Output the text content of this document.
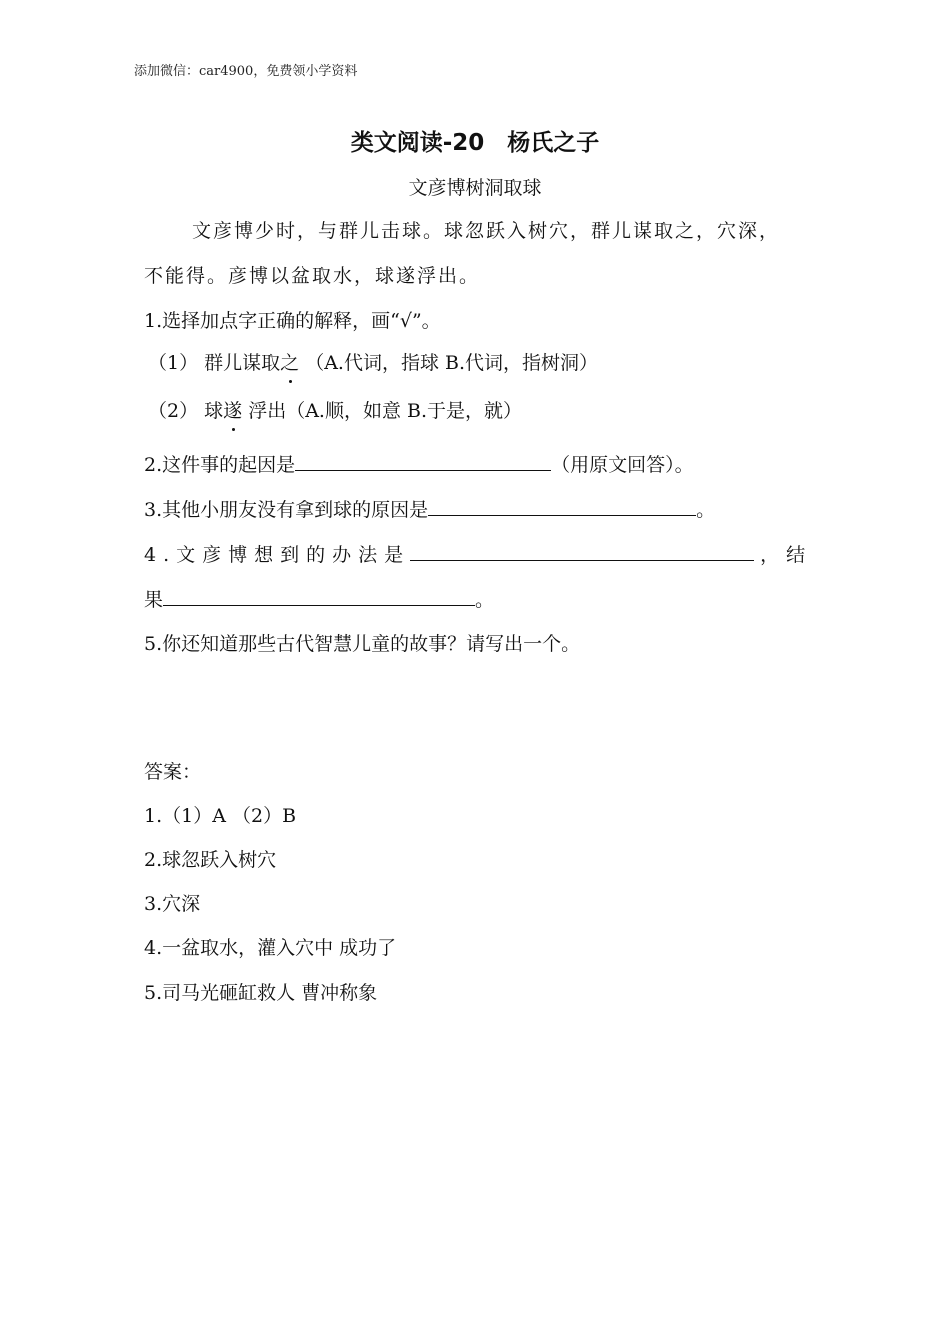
添加微信：car4900，免费领小学资料
类文阅读-20　杨氏之子
文彦博树洞取球
文彦博少时，与群儿击球。球忽跃入树穴，群儿谋取之，穴深，
不能得。彦博以盆取水，球遂浮出。
1.选择加点字正确的解释，画“√”。
（1） 群儿谋取之 （A.代词，指球 B.代词，指树洞）
（2） 球遂 浮出（A.顺，如意 B.于是，就）
2.这件事的起因是	（用原文回答）。
3.其他小朋友没有拿到球的原因是	。
4.文彦博想到的办法是	，结
果	。
5.你还知道那些古代智慧儿童的故事？请写出一个。
答案：
1.（1）A （2）B
2.球忽跃入树穴
3.穴深
4.一盆取水，灌入穴中 成功了
5.司马光砸缸救人 曹冲称象
